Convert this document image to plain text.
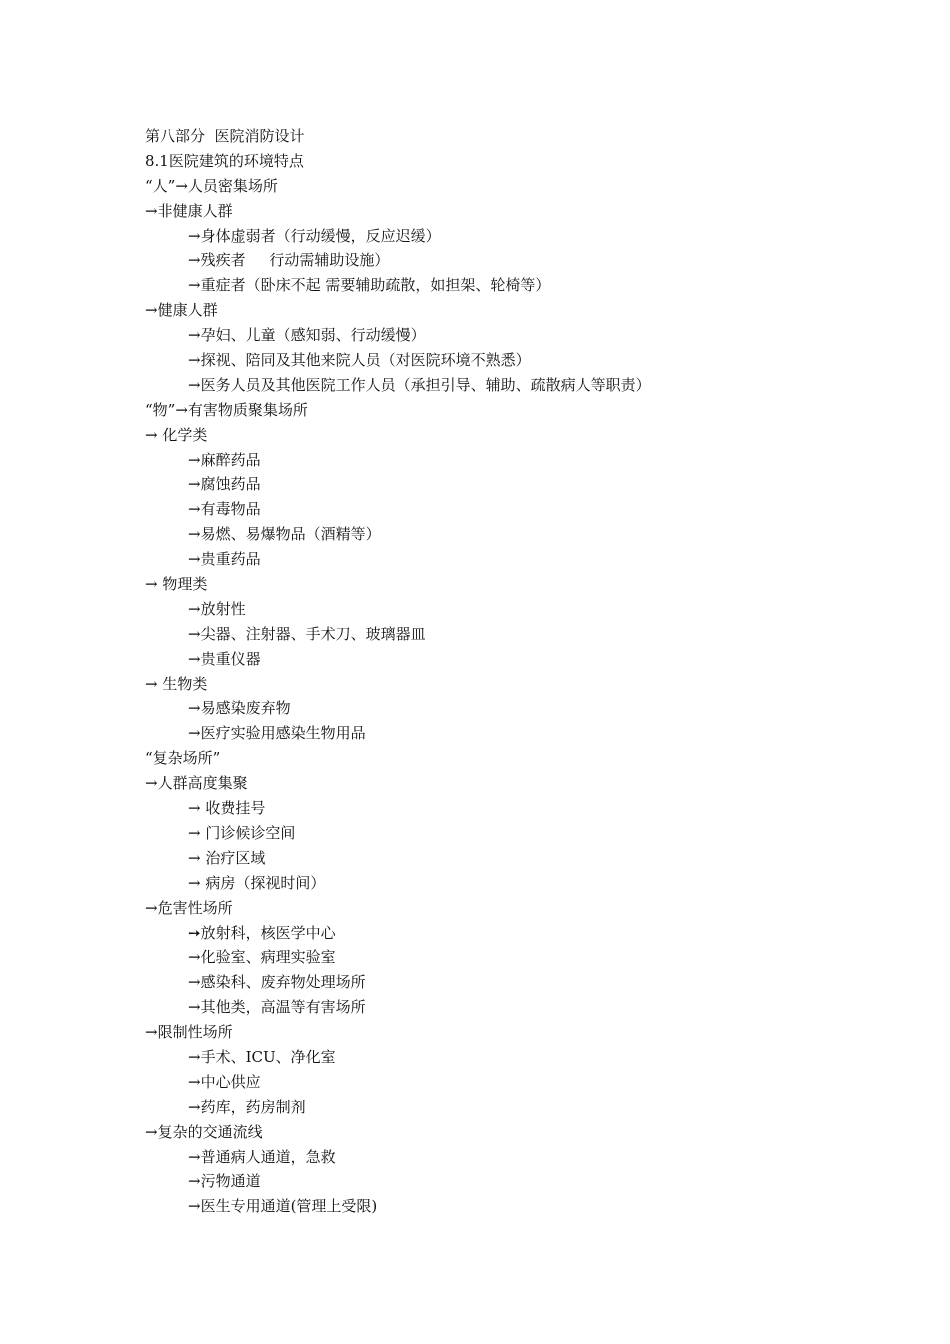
第八部分  医院消防设计
8.1医院建筑的环境特点
“人”→人员密集场所
→非健康人群
→身体虚弱者（行动缓慢，反应迟缓）
→残疾者     行动需辅助设施）
→重症者（卧床不起 需要辅助疏散，如担架、轮椅等）
→健康人群
→孕妇、儿童（感知弱、行动缓慢）
→探视、陪同及其他来院人员（对医院环境不熟悉）
→医务人员及其他医院工作人员（承担引导、辅助、疏散病人等职责）
“物”→有害物质聚集场所
→ 化学类
→麻醉药品
→腐蚀药品
→有毒物品
→易燃、易爆物品（酒精等）
→贵重药品
→ 物理类
→放射性
→尖器、注射器、手术刀、玻璃器皿
→贵重仪器
→ 生物类
→易感染废弃物
→医疗实验用感染生物用品
“复杂场所”
→人群高度集聚
→ 收费挂号
→ 门诊候诊空间
→ 治疗区域
→ 病房（探视时间）
→危害性场所
➙放射科，核医学中心
→化验室、病理实验室
→感染科、废弃物处理场所
→其他类，高温等有害场所
→限制性场所
→手术、ICU、净化室
→中心供应
→药库，药房制剂
→复杂的交通流线
→普通病人通道，急救
→污物通道
→医生专用通道(管理上受限)
